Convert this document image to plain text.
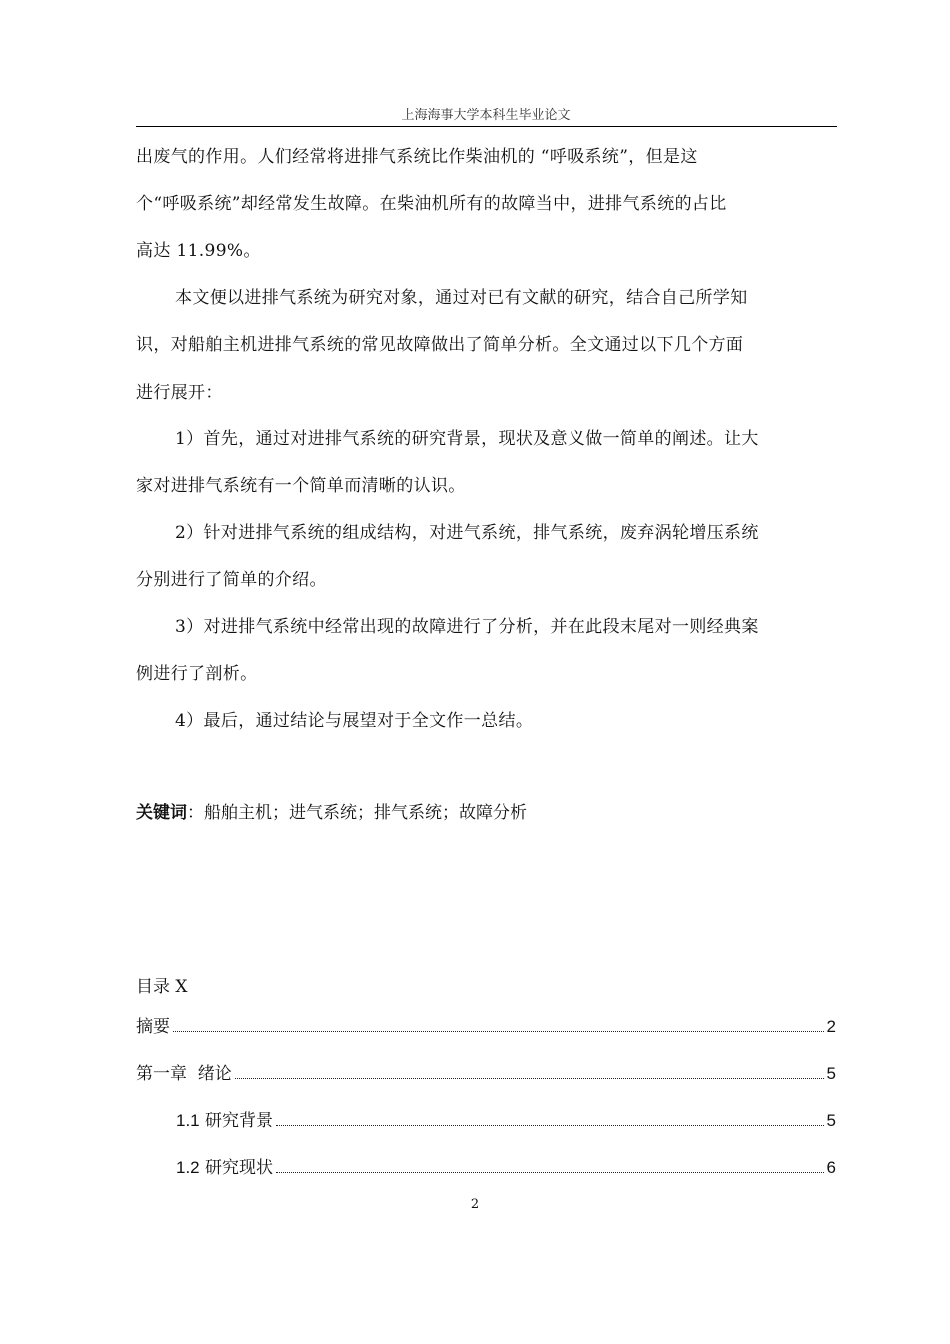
上海海事大学本科生毕业论文
出废气的作用。人们经常将进排气系统比作柴油机的 “呼吸系统”，但是这
个“呼吸系统”却经常发生故障。在柴油机所有的故障当中，进排气系统的占比
高达 11.99%。
本文便以进排气系统为研究对象，通过对已有文献的研究，结合自己所学知
识，对船舶主机进排气系统的常见故障做出了简单分析。全文通过以下几个方面
进行展开：
1）首先，通过对进排气系统的研究背景，现状及意义做一简单的阐述。让大
家对进排气系统有一个简单而清晰的认识。
2）针对进排气系统的组成结构，对进气系统，排气系统，废弃涡轮增压系统
分别进行了简单的介绍。
3）对进排气系统中经常出现的故障进行了分析，并在此段末尾对一则经典案
例进行了剖析。
4）最后，通过结论与展望对于全文作一总结。
关键词：船舶主机；进气系统；排气系统；故障分析
目录 X
摘要	2
第一章  绪论	5
1.1 研究背景	5
1.2 研究现状	6
2
